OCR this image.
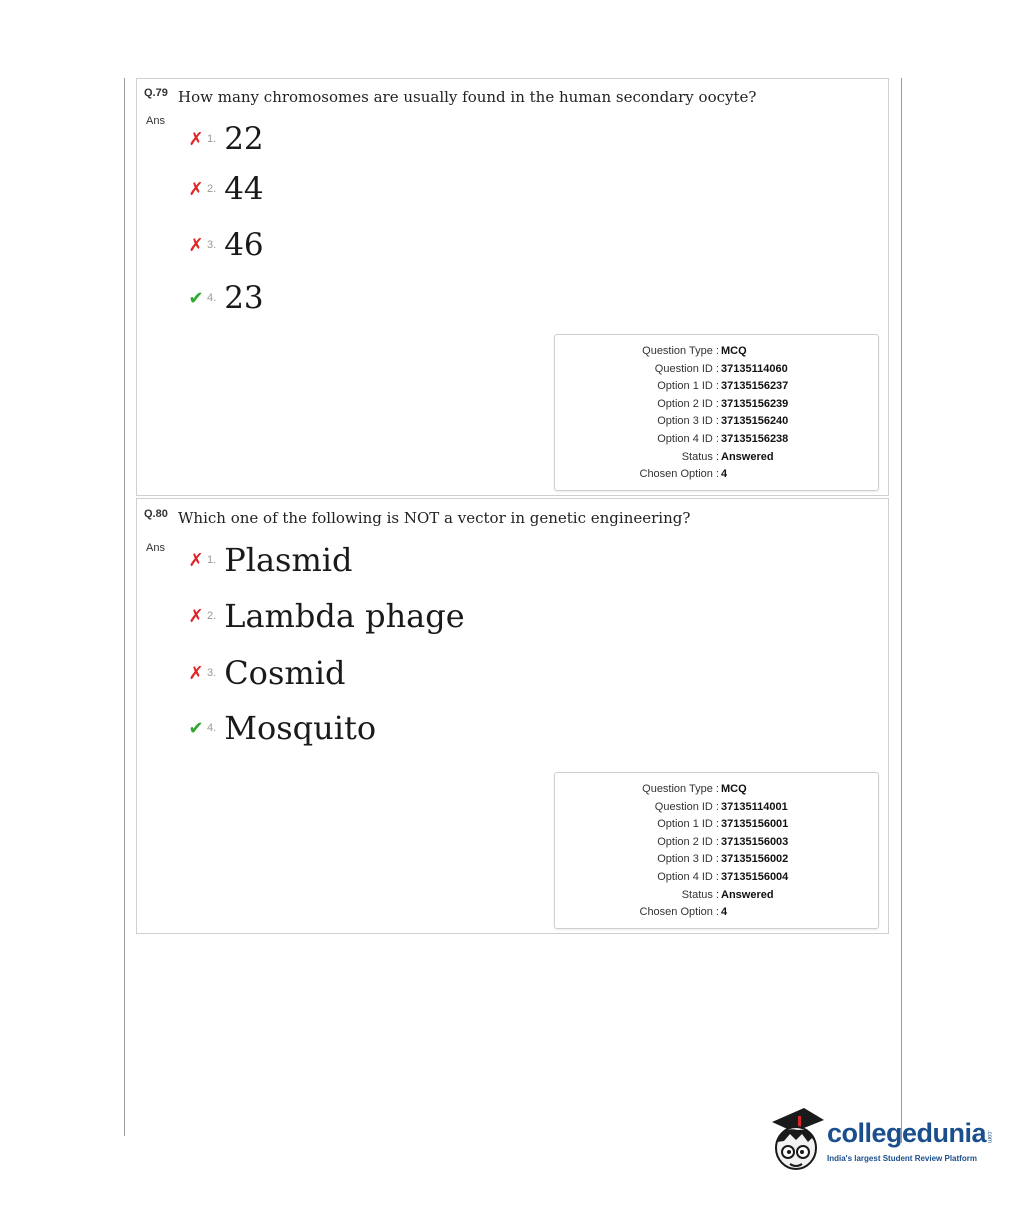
Q.79 How many chromosomes are usually found in the human secondary oocyte?
Ans
✗ 1. 22
✗ 2. 44
✗ 3. 46
✔ 4. 23
Question Type : MCQ
Question ID : 37135114060
Option 1 ID : 37135156237
Option 2 ID : 37135156239
Option 3 ID : 37135156240
Option 4 ID : 37135156238
Status : Answered
Chosen Option : 4
Q.80 Which one of the following is NOT a vector in genetic engineering?
Ans
✗ 1. Plasmid
✗ 2. Lambda phage
✗ 3. Cosmid
✔ 4. Mosquito
Question Type : MCQ
Question ID : 37135114001
Option 1 ID : 37135156001
Option 2 ID : 37135156003
Option 3 ID : 37135156002
Option 4 ID : 37135156004
Status : Answered
Chosen Option : 4
collegedunia .com
India's largest Student Review Platform
